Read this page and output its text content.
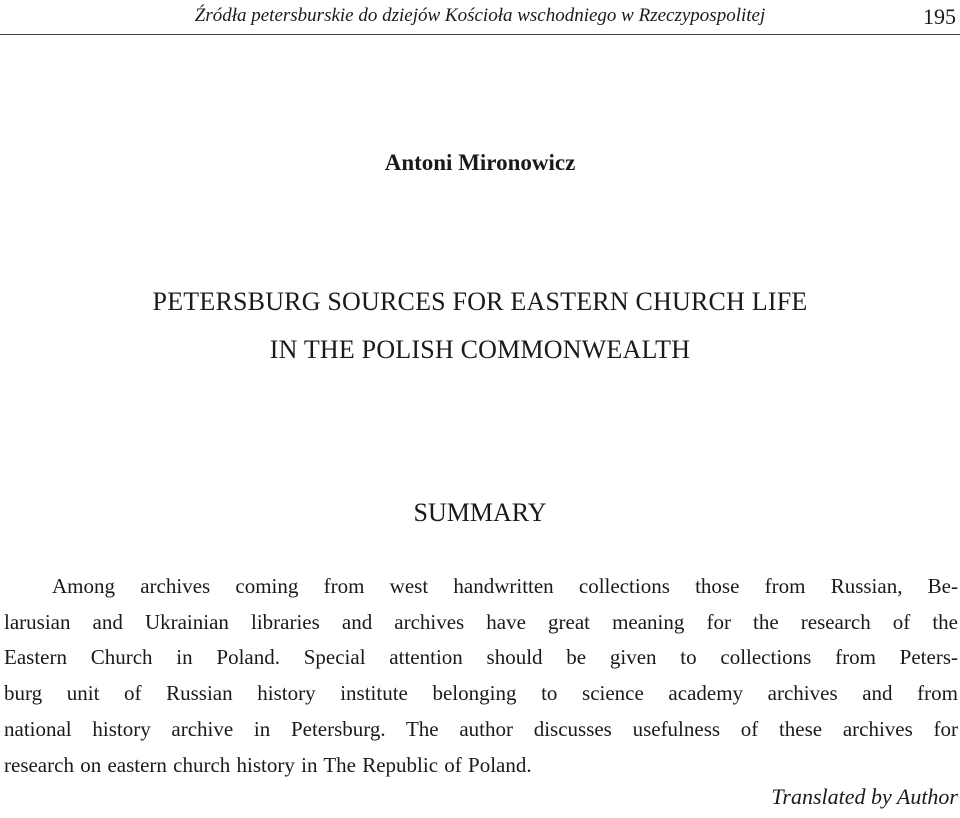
Źródła petersburskie do dziejów Kościoła wschodniego w Rzeczypospolitej	195
Antoni Mironowicz
PETERSBURG SOURCES FOR EASTERN CHURCH LIFE
IN THE POLISH COMMONWEALTH
SUMMARY
Among archives coming from west handwritten collections those from Russian, Be-
larusian and Ukrainian libraries and archives have great meaning for the research of the
Eastern Church in Poland. Special attention should be given to collections from Peters-
burg unit of Russian history institute belonging to science academy archives and from
national history archive in Petersburg. The author discusses usefulness of these archives for
research on eastern church history in The Republic of Poland.
Translated by Author
